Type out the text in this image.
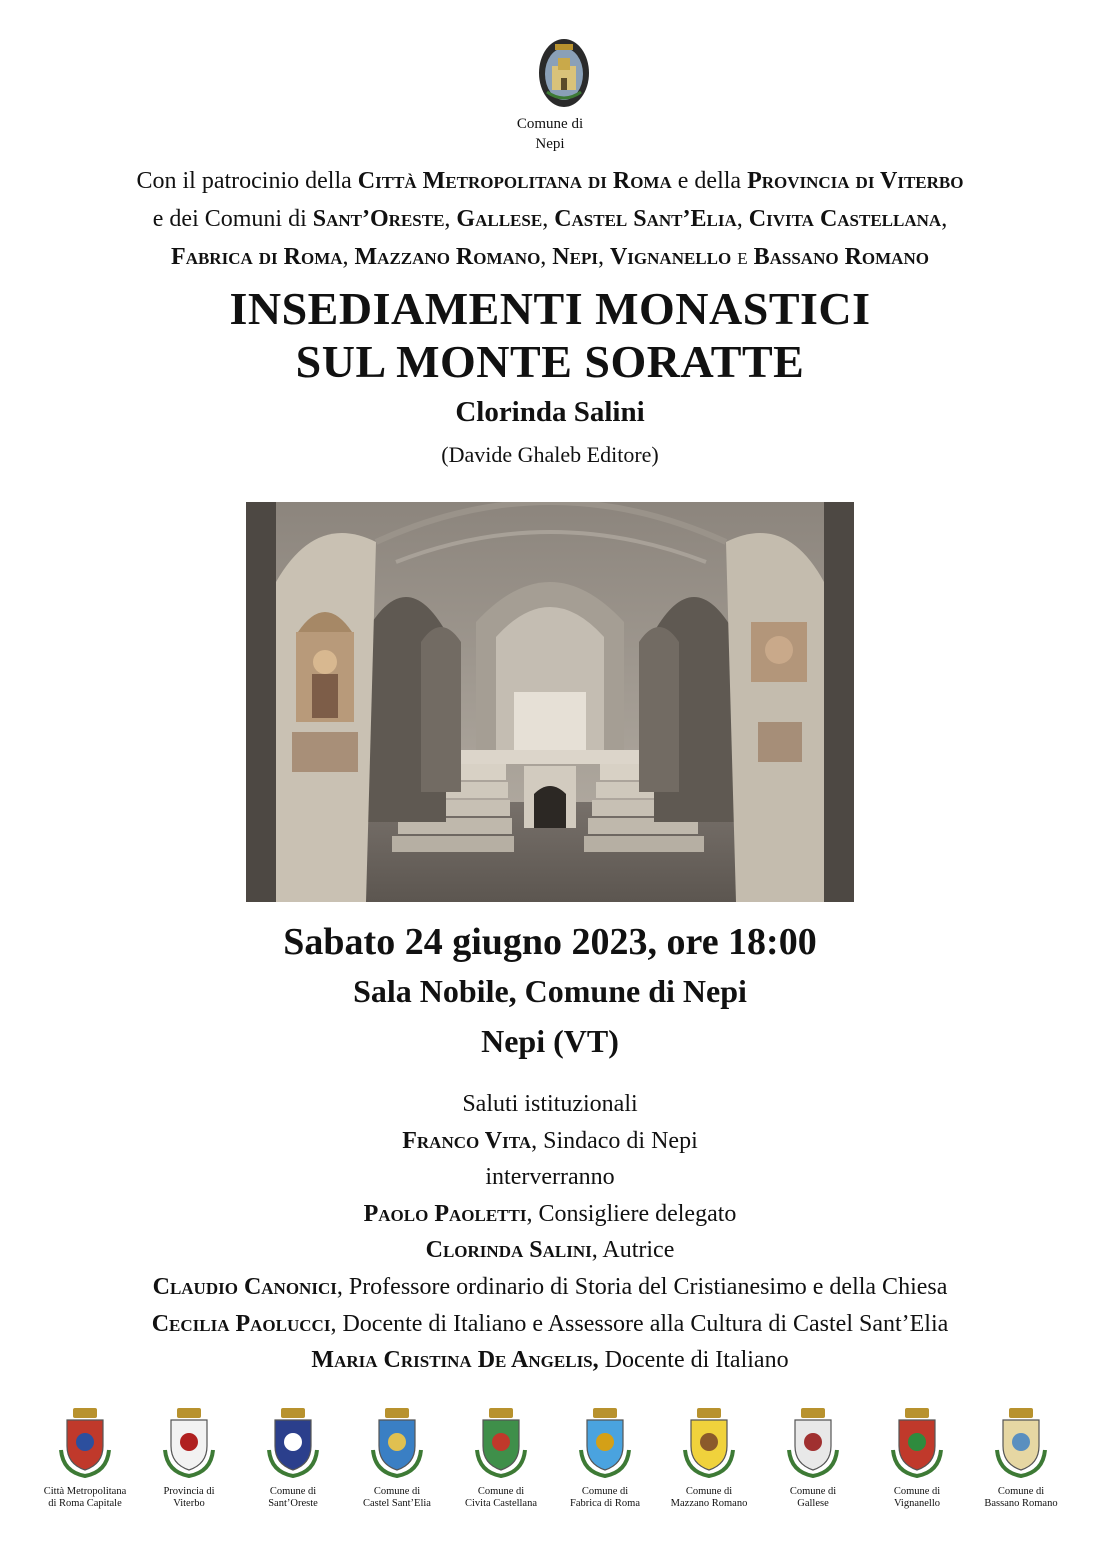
Comune di
Nepi
Con il patrocinio della Città Metropolitana di Roma e della Provincia di Viterbo
e dei Comuni di Sant’Oreste, Gallese, Castel Sant’Elia, Civita Castellana,
Fabrica di Roma, Mazzano Romano, Nepi, Vignanello e Bassano Romano
INSEDIAMENTI MONASTICI
SUL MONTE SORATTE
Clorinda Salini
(Davide Ghaleb Editore)
Sabato 24 giugno 2023, ore 18:00
Sala Nobile, Comune di Nepi
Nepi (VT)
Saluti istituzionali
Franco Vita, Sindaco di Nepi
interverranno
Paolo Paoletti, Consigliere delegato
Clorinda Salini, Autrice
Claudio Canonici, Professore ordinario di Storia del Cristianesimo e della Chiesa
Cecilia Paolucci, Docente di Italiano e Assessore alla Cultura di Castel Sant’Elia
Maria Cristina De Angelis, Docente di Italiano
Città Metropolitana
di Roma Capitale
Provincia di
Viterbo
Comune di
Sant’Oreste
Comune di
Castel Sant’Elia
Comune di
Civita Castellana
Comune di
Fabrica di Roma
Comune di
Mazzano Romano
Comune di
Gallese
Comune di
Vignanello
Comune di
Bassano Romano
